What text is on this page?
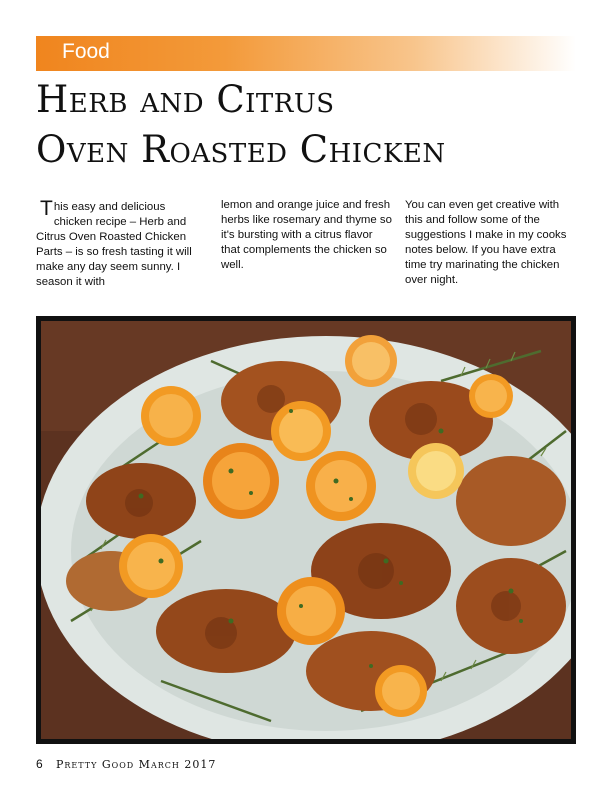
Food
Herb and Citrus
Oven Roasted Chicken
This easy and delicious chicken recipe – Herb and Citrus Oven Roasted Chicken Parts – is so fresh tasting it will make any day seem sunny. I season it with
lemon and orange juice and fresh herbs like rosemary and thyme so it's bursting with a citrus flavor that complements the chicken so well.
You can even get creative with this and follow some of the suggestions I make in my cooks notes below. If you have extra time try marinating the chicken over night.
6 Pretty Good March 2017
